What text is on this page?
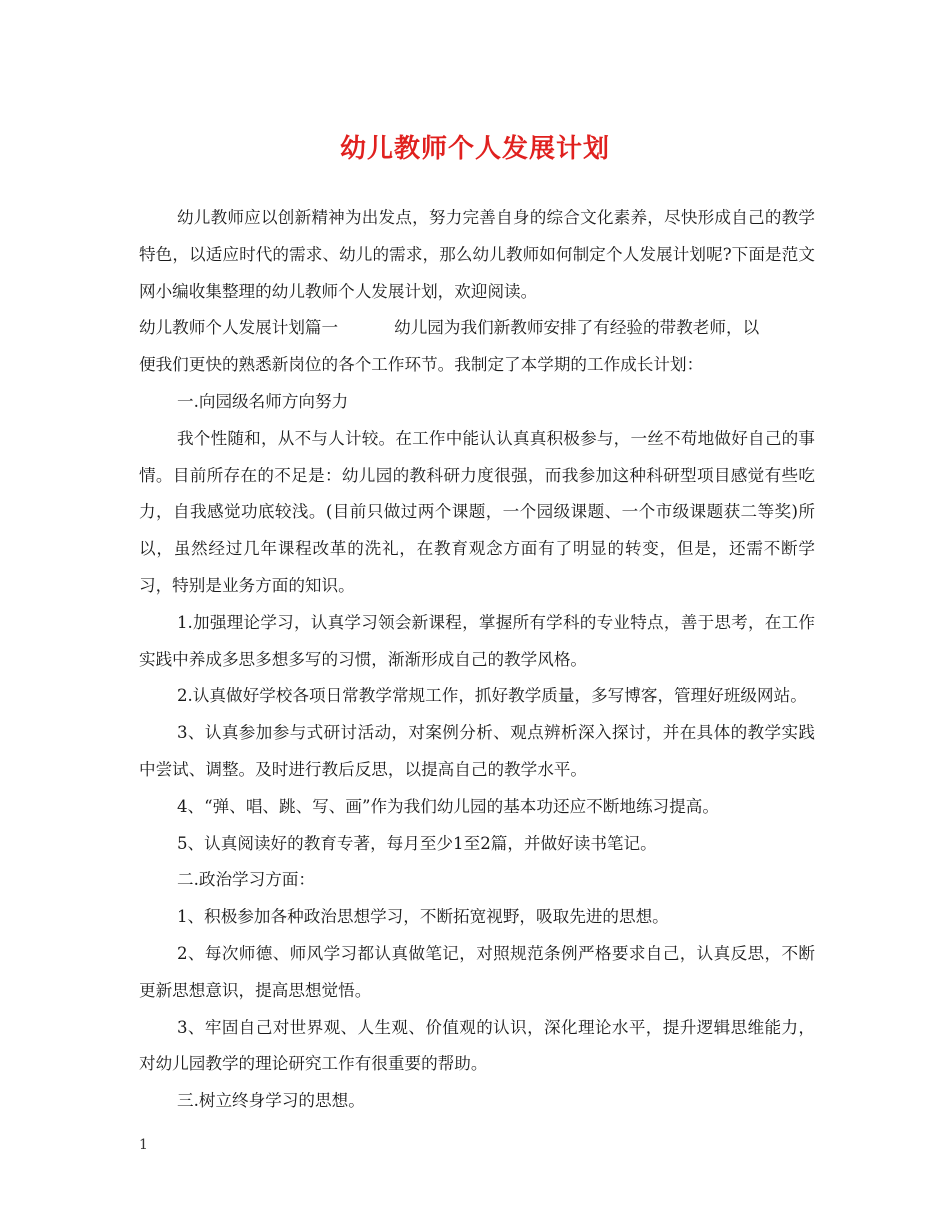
幼儿教师个人发展计划

幼儿教师应以创新精神为出发点，努力完善自身的综合文化素养，尽快形成自己的教学特色，以适应时代的需求、幼儿的需求，那么幼儿教师如何制定个人发展计划呢?下面是范文网小编收集整理的幼儿教师个人发展计划，欢迎阅读。

幼儿教师个人发展计划篇一	幼儿园为我们新教师安排了有经验的带教老师，以

便我们更快的熟悉新岗位的各个工作环节。我制定了本学期的工作成长计划：

一.向园级名师方向努力

我个性随和，从不与人计较。在工作中能认认真真积极参与，一丝不苟地做好自己的事情。目前所存在的不足是：幼儿园的教科研力度很强，而我参加这种科研型项目感觉有些吃力，自我感觉功底较浅。(目前只做过两个课题，一个园级课题、一个市级课题获二等奖)所以，虽然经过几年课程改革的洗礼，在教育观念方面有了明显的转变，但是，还需不断学习，特别是业务方面的知识。

1.加强理论学习，认真学习领会新课程，掌握所有学科的专业特点，善于思考，在工作实践中养成多思多想多写的习惯，渐渐形成自己的教学风格。

2.认真做好学校各项日常教学常规工作，抓好教学质量，多写博客，管理好班级网站。

3、认真参加参与式研讨活动，对案例分析、观点辨析深入探讨，并在具体的教学实践中尝试、调整。及时进行教后反思，以提高自己的教学水平。

4、“弹、唱、跳、写、画”作为我们幼儿园的基本功还应不断地练习提高。

5、认真阅读好的教育专著，每月至少1至2篇，并做好读书笔记。

二.政治学习方面：

1、积极参加各种政治思想学习，不断拓宽视野，吸取先进的思想。

2、每次师德、师风学习都认真做笔记，对照规范条例严格要求自己，认真反思，不断更新思想意识，提高思想觉悟。

3、牢固自己对世界观、人生观、价值观的认识，深化理论水平，提升逻辑思维能力，对幼儿园教学的理论研究工作有很重要的帮助。

三.树立终身学习的思想。

1
